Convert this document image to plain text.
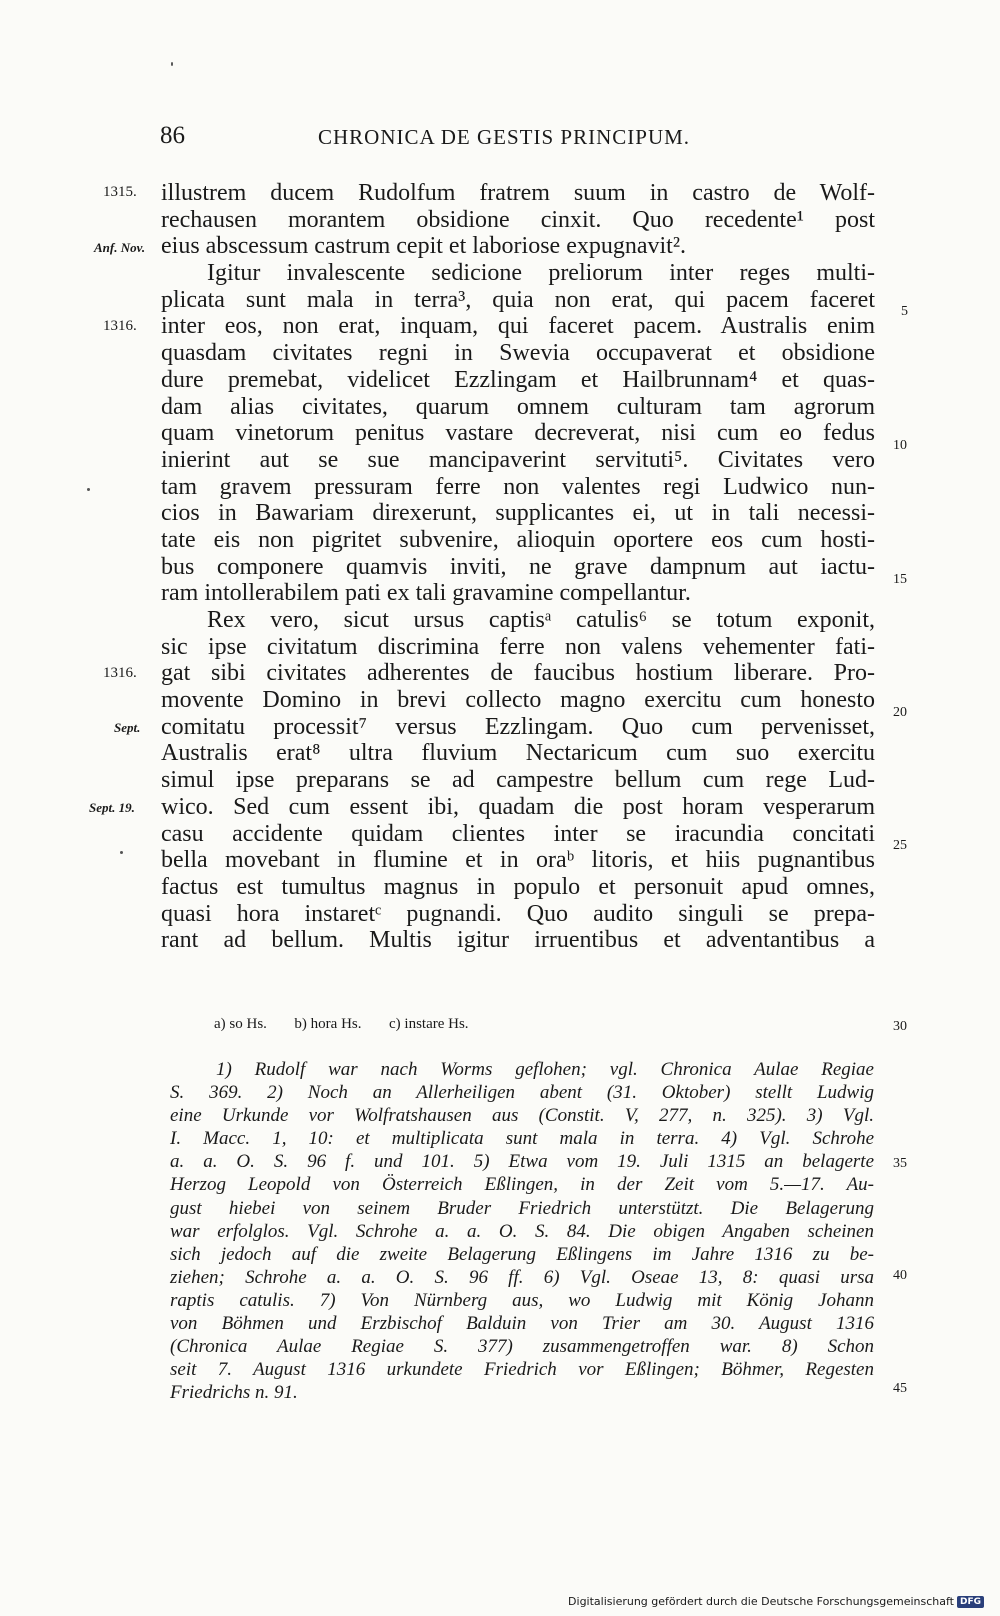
86	CHRONICA DE GESTIS PRINCIPUM.
1315.
Anf. Nov.
1316.
1316.
Sept.
Sept. 19.
illustrem ducem Rudolfum fratrem suum in castro de Wolf-
rechausen morantem obsidione cinxit. Quo recedente¹ post
eius abscessum castrum cepit et laboriose expugnavit².
Igitur invalescente sedicione preliorum inter reges multi-
plicata sunt mala in terra³, quia non erat, qui pacem faceret
inter eos, non erat, inquam, qui faceret pacem. Australis enim
quasdam civitates regni in Swevia occupaverat et obsidione
dure premebat, videlicet Ezzlingam et Hailbrunnam⁴ et quas-
dam alias civitates, quarum omnem culturam tam agrorum
quam vinetorum penitus vastare decreverat, nisi cum eo fedus
inierint aut se sue mancipaverint servituti⁵. Civitates vero
tam gravem pressuram ferre non valentes regi Ludwico nun-
cios in Bawariam direxerunt, supplicantes ei, ut in tali necessi-
tate eis non pigritet subvenire, alioquin oportere eos cum hosti-
bus componere quamvis inviti, ne grave dampnum aut iactu-
ram intollerabilem pati ex tali gravamine compellantur.
Rex vero, sicut ursus captisᵃ catulis⁶ se totum exponit,
sic ipse civitatum discrimina ferre non valens vehementer fati-
gat sibi civitates adherentes de faucibus hostium liberare. Pro-
movente Domino in brevi collecto magno exercitu cum honesto
comitatu processit⁷ versus Ezzlingam. Quo cum pervenisset,
Australis erat⁸ ultra fluvium Nectaricum cum suo exercitu
simul ipse preparans se ad campestre bellum cum rege Lud-
wico. Sed cum essent ibi, quadam die post horam vesperarum
casu accidente quidam clientes inter se iracundia concitati
bella movebant in flumine et in oraᵇ litoris, et hiis pugnantibus
factus est tumultus magnus in populo et personuit apud omnes,
quasi hora instaretᶜ pugnandi. Quo audito singuli se prepa-
rant ad bellum. Multis igitur irruentibus et adventantibus a
5
10
15
20
25
30
35
40
45
a) so Hs. b) hora Hs. c) instare Hs.
1) Rudolf war nach Worms geflohen; vgl. Chronica Aulae Regiae
S. 369. 2) Noch an Allerheiligen abent (31. Oktober) stellt Ludwig
eine Urkunde vor Wolfratshausen aus (Constit. V, 277, n. 325). 3) Vgl.
I. Macc. 1, 10: et multiplicata sunt mala in terra. 4) Vgl. Schrohe
a. a. O. S. 96 f. und 101. 5) Etwa vom 19. Juli 1315 an belagerte
Herzog Leopold von Österreich Eßlingen, in der Zeit vom 5.—17. Au-
gust hiebei von seinem Bruder Friedrich unterstützt. Die Belagerung
war erfolglos. Vgl. Schrohe a. a. O. S. 84. Die obigen Angaben scheinen
sich jedoch auf die zweite Belagerung Eßlingens im Jahre 1316 zu be-
ziehen; Schrohe a. a. O. S. 96 ff. 6) Vgl. Oseae 13, 8: quasi ursa
raptis catulis. 7) Von Nürnberg aus, wo Ludwig mit König Johann
von Böhmen und Erzbischof Balduin von Trier am 30. August 1316
(Chronica Aulae Regiae S. 377) zusammengetroffen war. 8) Schon
seit 7. August 1316 urkundete Friedrich vor Eßlingen; Böhmer, Regesten
Friedrichs n. 91.
Digitalisierung gefördert durch die Deutsche Forschungsgemeinschaft DFG
